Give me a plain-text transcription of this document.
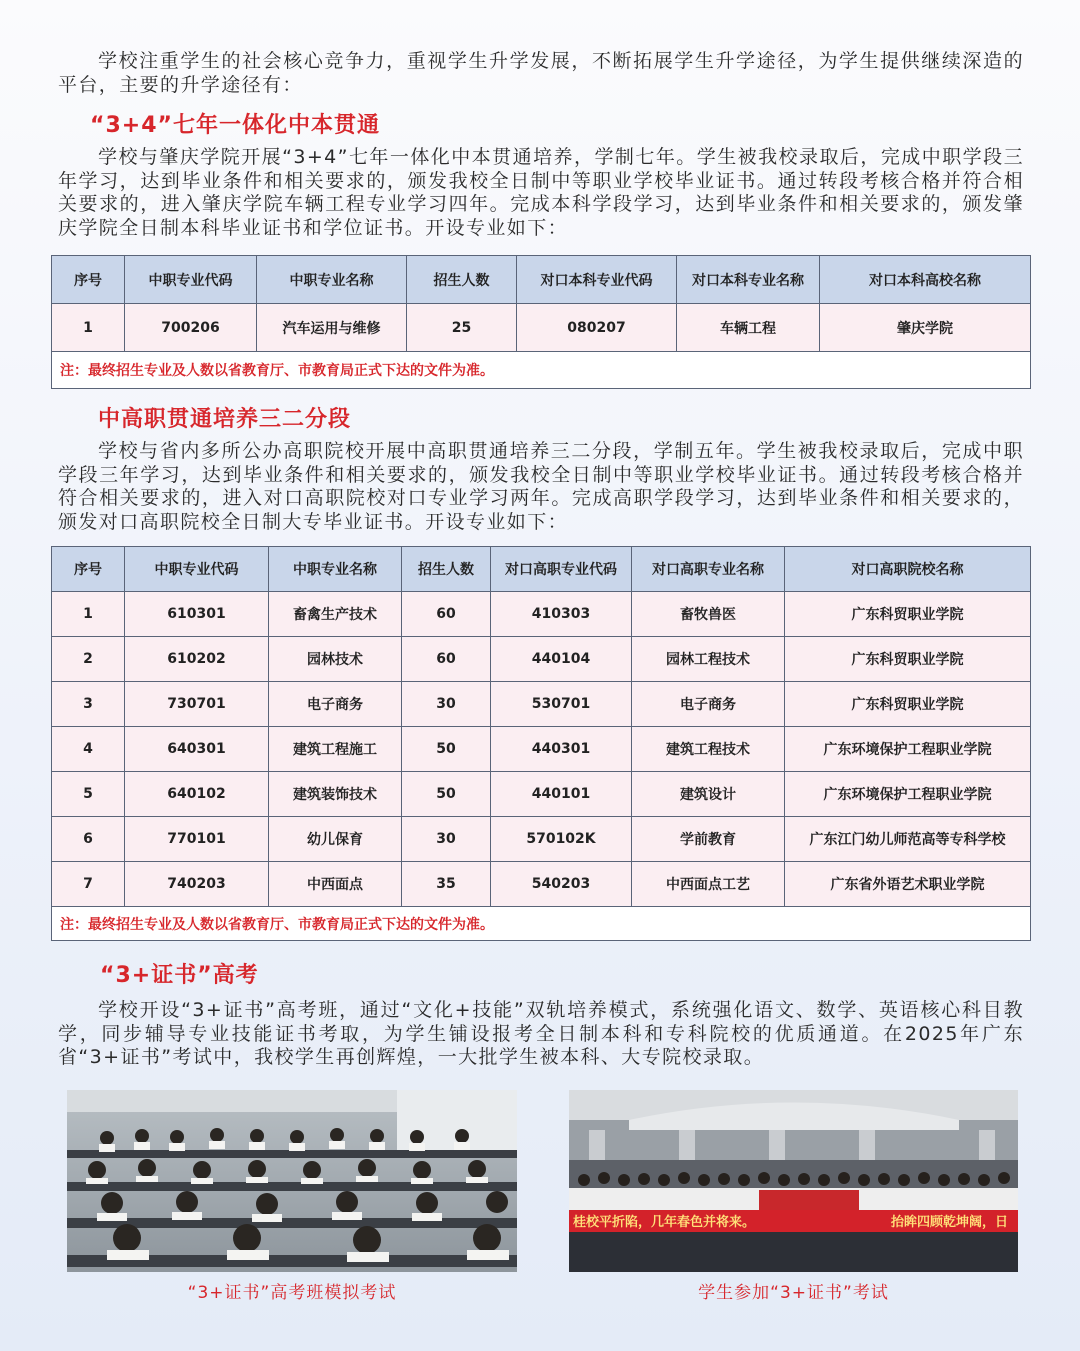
学校注重学生的社会核心竞争力，重视学生升学发展，不断拓展学生升学途径，为学生提供继续深造的平台，主要的升学途径有：

“3+4”七年一体化中本贯通

学校与肇庆学院开展“3+4”七年一体化中本贯通培养，学制七年。学生被我校录取后，完成中职学段三年学习，达到毕业条件和相关要求的，颁发我校全日制中等职业学校毕业证书。通过转段考核合格并符合相关要求的，进入肇庆学院车辆工程专业学习四年。完成本科学段学习，达到毕业条件和相关要求的，颁发肇庆学院全日制本科毕业证书和学位证书。开设专业如下：

序号	中职专业代码	中职专业名称	招生人数	对口本科专业代码	对口本科专业名称	对口本科高校名称
1	700206	汽车运用与维修	25	080207	车辆工程	肇庆学院
注：最终招生专业及人数以省教育厅、市教育局正式下达的文件为准。						
中高职贯通培养三二分段

学校与省内多所公办高职院校开展中高职贯通培养三二分段，学制五年。学生被我校录取后，完成中职学段三年学习，达到毕业条件和相关要求的，颁发我校全日制中等职业学校毕业证书。通过转段考核合格并符合相关要求的，进入对口高职院校对口专业学习两年。完成高职学段学习，达到毕业条件和相关要求的，颁发对口高职院校全日制大专毕业证书。开设专业如下：

序号	中职专业代码	中职专业名称	招生人数	对口高职专业代码	对口高职专业名称	对口高职院校名称
1	610301	畜禽生产技术	60	410303	畜牧兽医	广东科贸职业学院
2	610202	园林技术	60	440104	园林工程技术	广东科贸职业学院
3	730701	电子商务	30	530701	电子商务	广东科贸职业学院
4	640301	建筑工程施工	50	440301	建筑工程技术	广东环境保护工程职业学院
5	640102	建筑装饰技术	50	440101	建筑设计	广东环境保护工程职业学院
6	770101	幼儿保育	30	570102K	学前教育	广东江门幼儿师范高等专科学校
7	740203	中西面点	35	540203	中西面点工艺	广东省外语艺术职业学院
注：最终招生专业及人数以省教育厅、市教育局正式下达的文件为准。						
“3+证书”高考

学校开设“3+证书”高考班，通过“文化+技能”双轨培养模式，系统强化语文、数学、英语核心科目教学，同步辅导专业技能证书考取，为学生铺设报考全日制本科和专科院校的优质通道。在2025年广东省“3+证书”考试中，我校学生再创辉煌，一大批学生被本科、大专院校录取。

“3+证书”高考班模拟考试
桂校平折陷，几年春色并将来。	抬眸四顾乾坤阔，日
学生参加“3+证书”考试
